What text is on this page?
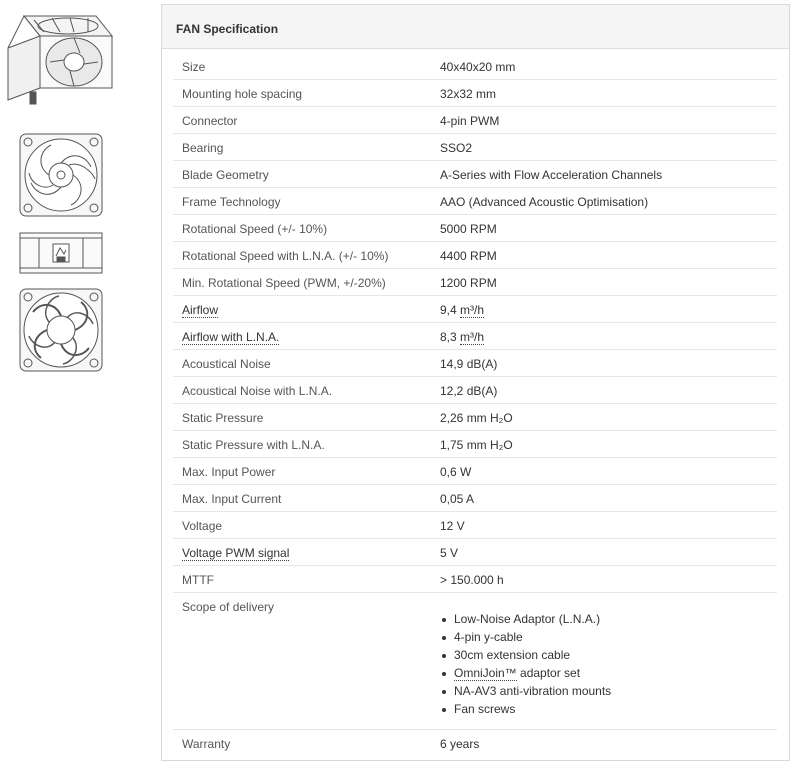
FAN Specification
Size	40x40x20 mm
Mounting hole spacing	32x32 mm
Connector	4-pin PWM
Bearing	SSO2
Blade Geometry	A-Series with Flow Acceleration Channels
Frame Technology	AAO (Advanced Acoustic Optimisation)
Rotational Speed (+/- 10%)	5000 RPM
Rotational Speed with L.N.A. (+/- 10%)	4400 RPM
Min. Rotational Speed (PWM, +/-20%)	1200 RPM
Airflow	9,4 m³/h
Airflow with L.N.A.	8,3 m³/h
Acoustical Noise	14,9 dB(A)
Acoustical Noise with L.N.A.	12,2 dB(A)
Static Pressure	2,26 mm H₂O
Static Pressure with L.N.A.	1,75 mm H₂O
Max. Input Power	0,6 W
Max. Input Current	0,05 A
Voltage	12 V
Voltage PWM signal	5 V
MTTF	> 150.000 h
Scope of delivery
Low-Noise Adaptor (L.N.A.)
4-pin y-cable
30cm extension cable
OmniJoin™ adaptor set
NA-AV3 anti-vibration mounts
Fan screws
Warranty	6 years
